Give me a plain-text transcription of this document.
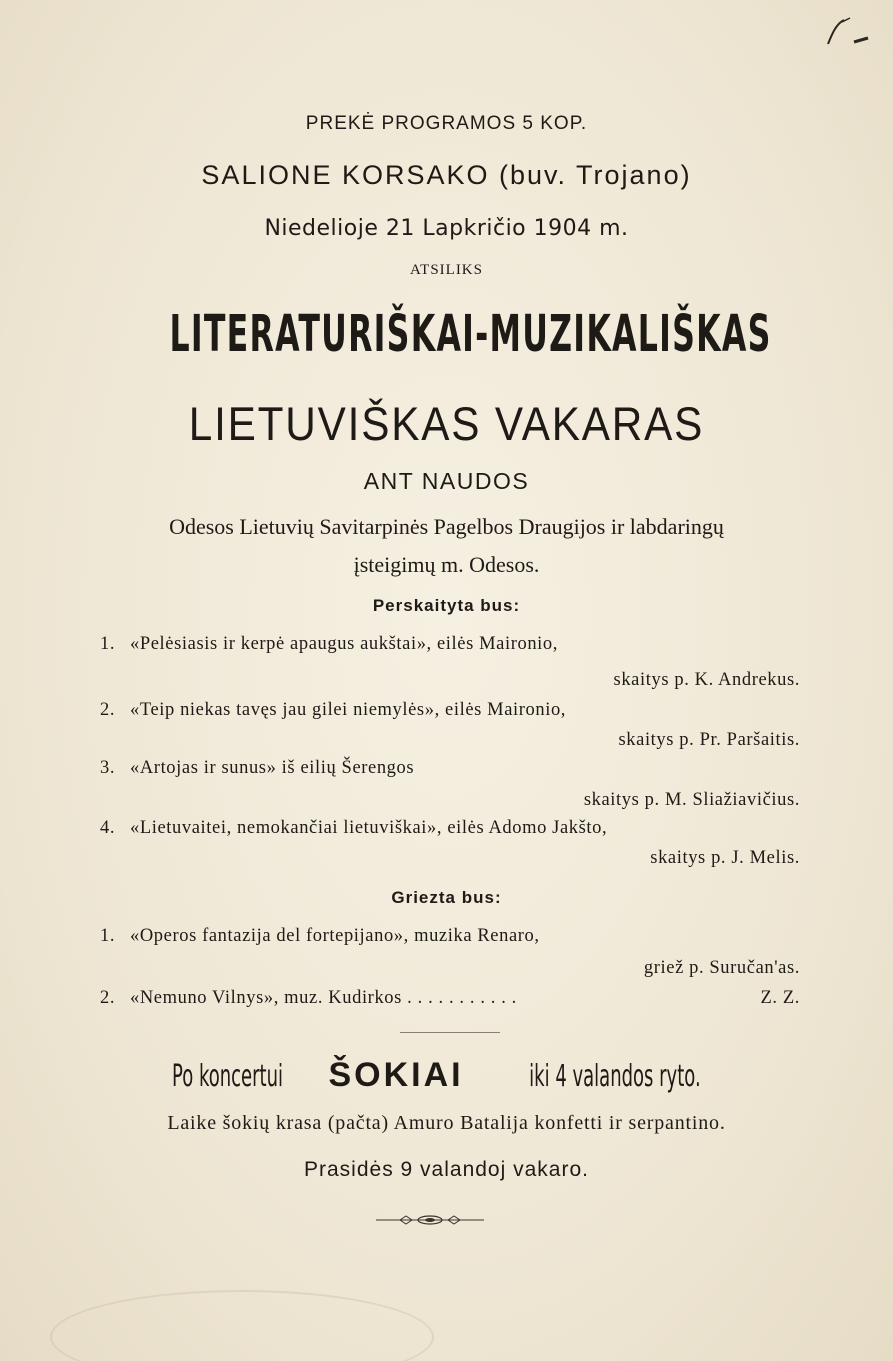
PREKĖ PROGRAMOS 5 KOP.
SALIONE KORSAKO (buv. Trojano)
Niedelioje 21 Lapkričio 1904 m.
ATSILIKS
LITERATURIŠKAI-MUZIKALIŠKAS
LIETUVIŠKAS VAKARAS
ANT NAUDOS
Odesos Lietuvių Savitarpinės Pagelbos Draugijos ir labdaringų
įsteigimų m. Odesos.
Perskaityta bus:
1. «Pelėsiasis ir kerpė apaugus aukštai», eilės Maironio,
skaitys p. K. Andrekus.
2. «Teip niekas tavęs jau gilei niemylės», eilės Maironio,
skaitys p. Pr. Paršaitis.
3. «Artojas ir sunus» iš eilių Šerengos
skaitys p. M. Sliažiavičius.
4. «Lietuvaitei, nemokančiai lietuviškai», eilės Adomo Jakšto,
skaitys p. J. Melis.
Griezta bus:
1. «Operos fantazija del fortepijano», muzika Renaro,
griež p. Suručan'as.
2. «Nemuno Vilnys», muz. Kudirkos . . . . . . . . . . .	Z. Z.
Po koncertui ŠOKIAI iki 4 valandos ryto.
Laike šokių krasa (pačta) Amuro Batalija konfetti ir serpantino.
Prasidės 9 valandoj vakaro.
